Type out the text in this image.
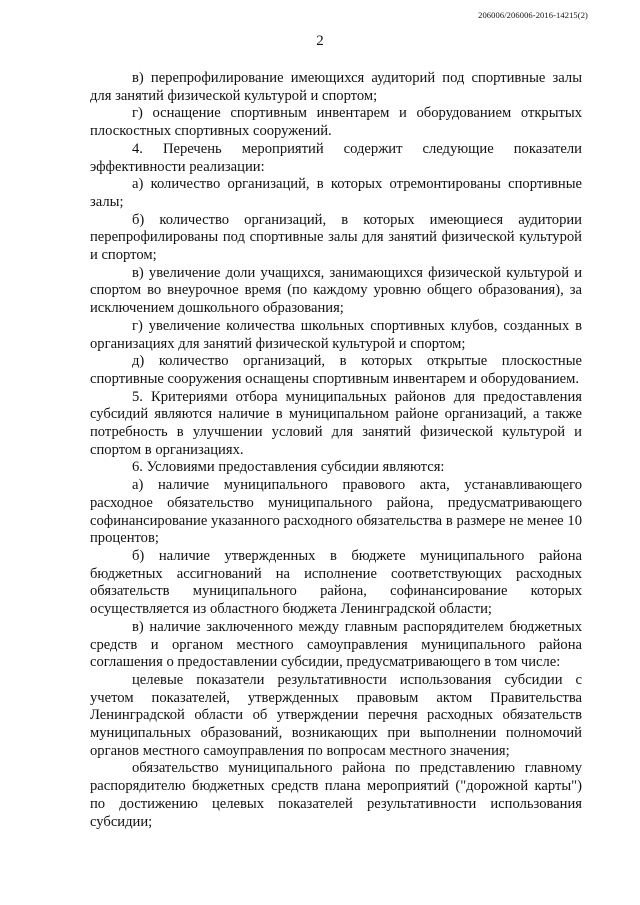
206006/206006-2016-14215(2)
2

в) перепрофилирование имеющихся аудиторий под спортивные залы для занятий физической культурой и спортом;

г) оснащение спортивным инвентарем и оборудованием открытых плоскостных спортивных сооружений.

4. Перечень мероприятий содержит следующие показатели эффективности реализации:

а) количество организаций, в которых отремонтированы спортивные залы;

б) количество организаций, в которых имеющиеся аудитории перепрофилированы под спортивные залы для занятий физической культурой и спортом;

в) увеличение доли учащихся, занимающихся физической культурой и спортом во внеурочное время (по каждому уровню общего образования), за исключением дошкольного образования;

г) увеличение количества школьных спортивных клубов, созданных в организациях для занятий физической культурой и спортом;

д) количество организаций, в которых открытые плоскостные спортивные сооружения оснащены спортивным инвентарем и оборудованием.

5. Критериями отбора муниципальных районов для предоставления субсидий являются наличие в муниципальном районе организаций, а также потребность в улучшении условий для занятий физической культурой и спортом в организациях.

6. Условиями предоставления субсидии являются:

а) наличие муниципального правового акта, устанавливающего расходное обязательство муниципального района, предусматривающего софинансирование указанного расходного обязательства в размере не менее 10 процентов;

б) наличие утвержденных в бюджете муниципального района бюджетных ассигнований на исполнение соответствующих расходных обязательств муниципального района, софинансирование которых осуществляется из областного бюджета Ленинградской области;

в) наличие заключенного между главным распорядителем бюджетных средств и органом местного самоуправления муниципального района соглашения о предоставлении субсидии, предусматривающего в том числе:

целевые показатели результативности использования субсидии с учетом показателей, утвержденных правовым актом Правительства Ленинградской области об утверждении перечня расходных обязательств муниципальных образований, возникающих при выполнении полномочий органов местного самоуправления по вопросам местного значения;

обязательство муниципального района по представлению главному распорядителю бюджетных средств плана мероприятий ("дорожной карты") по достижению целевых показателей результативности использования субсидии;
